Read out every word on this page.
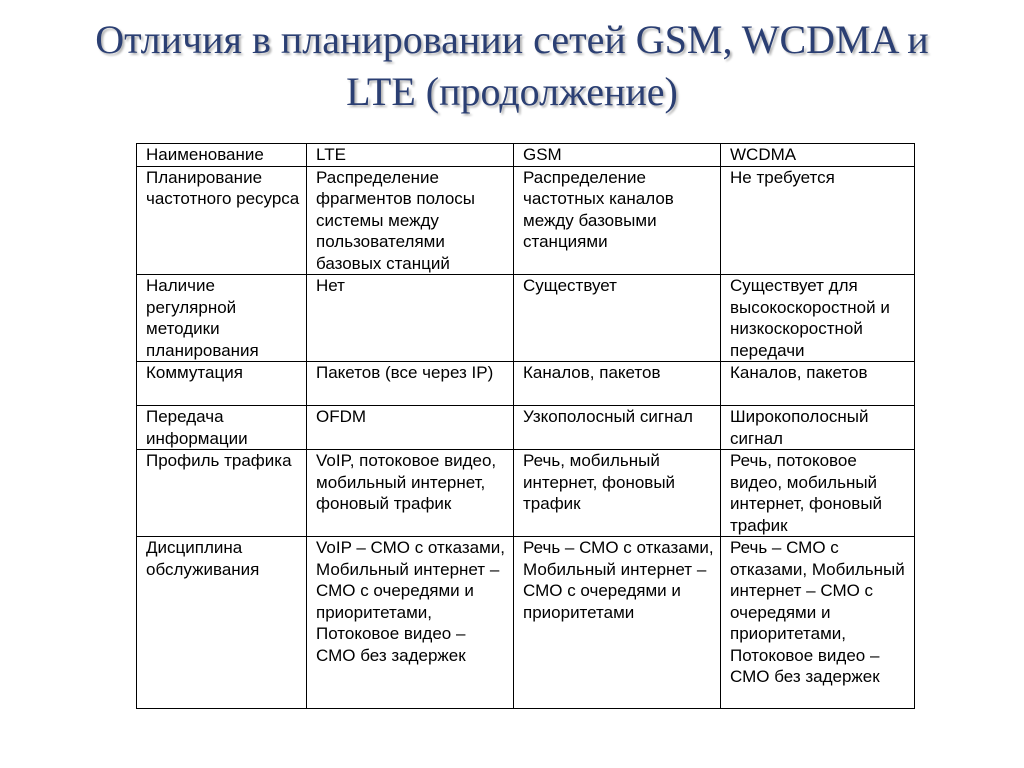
Отличия в планировании сетей GSM, WCDMA и
LTE (продолжение)
Наименование	LTE	GSM	WCDMA
Планирование частотного ресурса	Распределение фрагментов полосы системы между пользователями базовых станций	Распределение частотных каналов между базовыми станциями	Не требуется
Наличие регулярной методики планирования	Нет	Существует	Существует для высокоскоростной и низкоскоростной передачи
Коммутация	Пакетов (все через IP)	Каналов, пакетов	Каналов, пакетов
Передача информации	OFDM	Узкополосный сигнал	Широкополосный сигнал
Профиль трафика	VoIP, потоковое видео, мобильный интернет, фоновый трафик	Речь, мобильный интернет, фоновый трафик	Речь, потоковое видео, мобильный интернет, фоновый трафик
Дисциплина обслуживания	VoIP – СМО с отказами, Мобильный интернет – СМО с очередями и приоритетами, Потоковое видео – СМО без задержек	Речь – СМО с отказами, Мобильный интернет – СМО с очередями и приоритетами	Речь – СМО с отказами, Мобильный интернет – СМО с очередями и приоритетами, Потоковое видео – СМО без задержек
